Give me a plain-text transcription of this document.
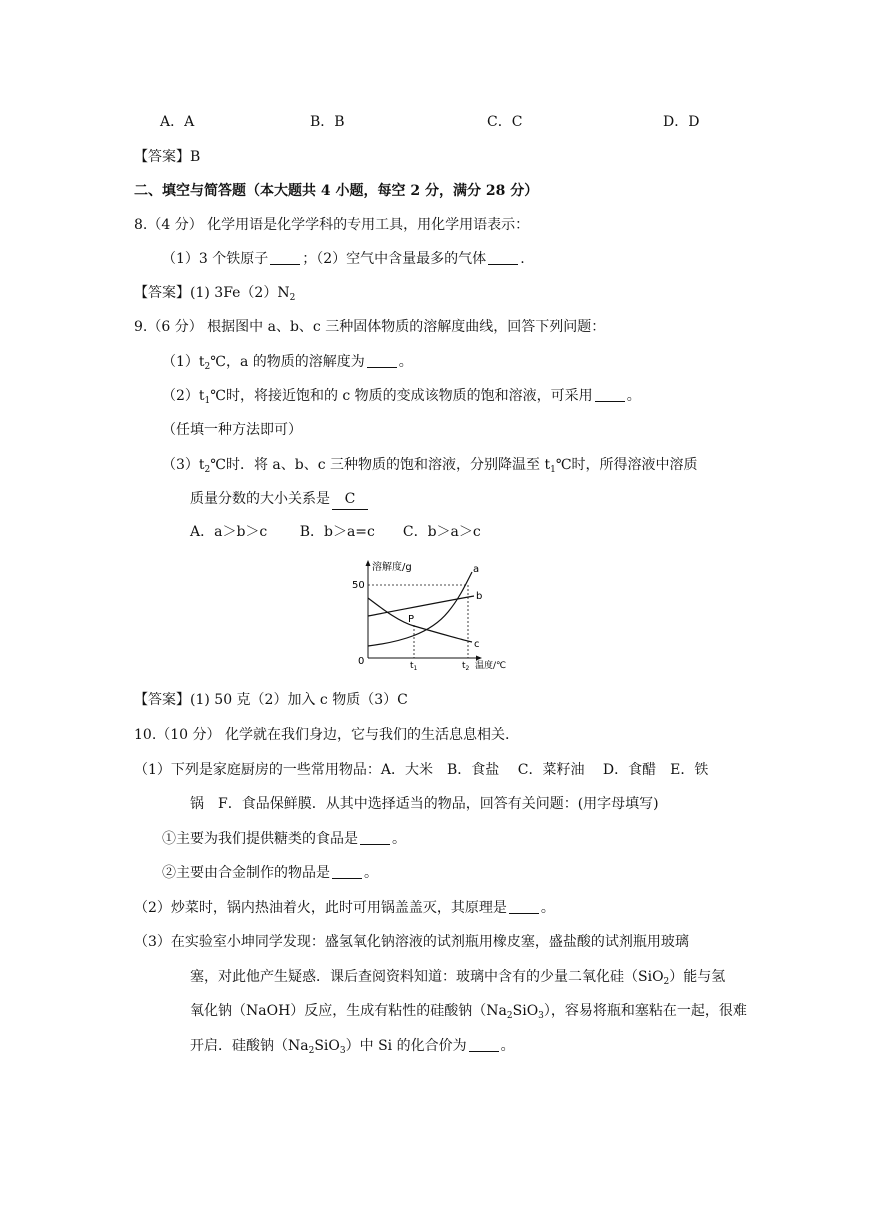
A．A	B．B	C．C	D．D
【答案】B
二、填空与简答题（本大题共 4 小题，每空 2 分，满分 28 分）
8.（4 分） 化学用语是化学学科的专用工具，用化学用语表示：
（1）3 个铁原子 ；（2）空气中含量最多的气体 .
【答案】(1) $3Fe(2)N_2$
9.（6 分） 根据图中 a、b、c 三种固体物质的溶解度曲线，回答下列问题：
$(1)t_2℃$，a 的物质的溶解度为 。
$(2)t_1℃$时，将接近饱和的 c 物质的变成该物质的饱和溶液，可采用 。
（任填一种方法即可）
$(3)t_2℃$时．将 a、b、c 三种物质的饱和溶液，分别降温至 $t_1℃$时，所得溶液中溶质
质量分数的大小关系是 C
A．a＞b＞c　　 B．b＞a=c　　C．b＞a＞c
溶解度/g
50
0	$t_1$	$t_2$ 温度/℃
a
b
c
P
【答案】(1) 50 克（2）加入 c 物质（3）C
10.（10 分） 化学就在我们身边，它与我们的生活息息相关.
（1）下列是家庭厨房的一些常用物品：A．大米　B．食盐　 C．菜籽油　 D．食醋　E．铁
锅　F．食品保鲜膜．从其中选择适当的物品，回答有关问题：(用字母填写)
①主要为我们提供糖类的食品是 。
②主要由合金制作的物品是 。
（2）炒菜时，锅内热油着火，此时可用锅盖盖灭，其原理是 。
（3）在实验室小坤同学发现：盛氢氧化钠溶液的试剂瓶用橡皮塞，盛盐酸的试剂瓶用玻璃
塞，对此他产生疑惑．课后查阅资料知道：玻璃中含有的少量二氧化硅（SiO$_2$）能与氢
氧化钠（NaOH）反应，生成有粘性的硅酸钠$(Na_2SiO_3)$，容易将瓶和塞粘在一起，很难
开启．硅酸钠$(Na_2SiO_3)$中 Si 的化合价为 。
